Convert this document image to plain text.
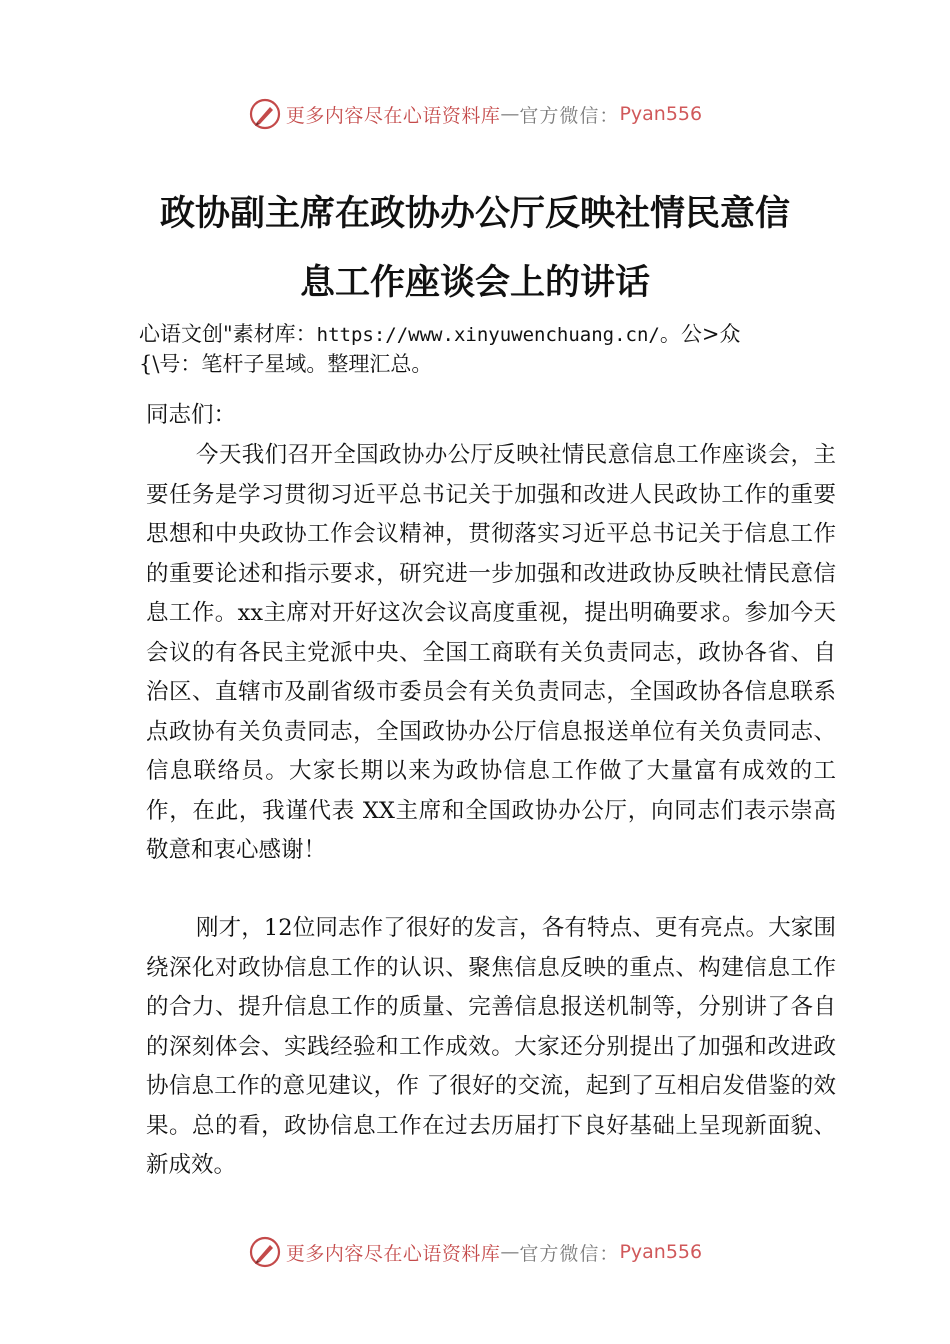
更多内容尽在心语资料库 — 官方微信： Pyan556
政协副主席在政协办公厅反映社情民意信
息工作座谈会上的讲话
心语文创"素材库：https://www.xinyuwenchuang.cn/。公>众
{\号：笔杆子星域。整理汇总。

同志们：

今天我们召开全国政协办公厅反映社情民意信息工作座谈会，主要任务是学习贯彻习近平总书记关于加强和改进人民政协工作的重要思想和中央政协工作会议精神，贯彻落实习近平总书记关于信息工作的重要论述和指示要求，研究进一步加强和改进政协反映社情民意信息工作。xx主席对开好这次会议高度重视，提出明确要求。参加今天会议的有各民主党派中央、全国工商联有关负责同志，政协各省、自治区、直辖市及副省级市委员会有关负责同志，全国政协各信息联系点政协有关负责同志，全国政协办公厅信息报送单位有关负责同志、信息联络员。大家长期以来为政协信息工作做了大量富有成效的工作，在此，我谨代表 XX主席和全国政协办公厅，向同志们表示崇高敬意和衷心感谢！

刚才，12位同志作了很好的发言，各有特点、更有亮点。大家围绕深化对政协信息工作的认识、聚焦信息反映的重点、构建信息工作的合力、提升信息工作的质量、完善信息报送机制等，分别讲了各自的深刻体会、实践经验和工作成效。大家还分别提出了加强和改进政协信息工作的意见建议，作 了很好的交流，起到了互相启发借鉴的效果。总的看，政协信息工作在过去历届打下良好基础上呈现新面貌、新成效。

更多内容尽在心语资料库 — 官方微信： Pyan556
